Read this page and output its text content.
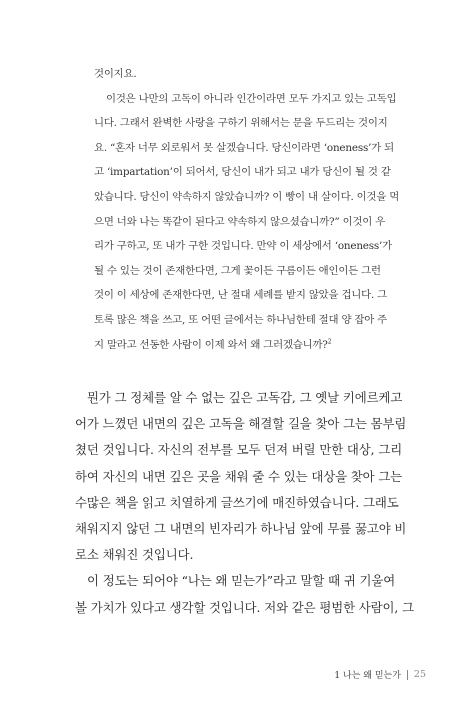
것이지요.
이것은 나만의 고독이 아니라 인간이라면 모두 가지고 있는 고독입
니다. 그래서 완벽한 사랑을 구하기 위해서는 문을 두드리는 것이지
요. “혼자 너무 외로워서 못 살겠습니다. 당신이라면 ‘oneness’가 되
고 ‘impartation’이 되어서, 당신이 내가 되고 내가 당신이 될 것 같
았습니다. 당신이 약속하지 않았습니까? 이 빵이 내 살이다. 이것을 먹
으면 너와 나는 똑같이 된다고 약속하지 않으셨습니까?” 이것이 우
리가 구하고, 또 내가 구한 것입니다. 만약 이 세상에서 ‘oneness’가
될 수 있는 것이 존재한다면, 그게 꽃이든 구름이든 애인이든 그런
것이 이 세상에 존재한다면, 난 절대 세례를 받지 않았을 겁니다. 그
토록 많은 책을 쓰고, 또 어떤 글에서는 하나님한테 절대 양 잡아 주
지 말라고 선동한 사람이 이제 와서 왜 그러겠습니까?$^2$
뭔가 그 정체를 알 수 없는 깊은 고독감, 그 옛날 키에르케고
어가 느꼈던 내면의 깊은 고독을 해결할 길을 찾아 그는 몸부림
쳤던 것입니다. 자신의 전부를 모두 던져 버릴 만한 대상, 그리
하여 자신의 내면 깊은 곳을 채워 줄 수 있는 대상을 찾아 그는
수많은 책을 읽고 치열하게 글쓰기에 매진하였습니다. 그래도
채워지지 않던 그 내면의 빈자리가 하나님 앞에 무릎 꿇고야 비
로소 채워진 것입니다.
이 정도는 되어야 “나는 왜 믿는가”라고 말할 때 귀 기울여
볼 가치가 있다고 생각할 것입니다. 저와 같은 평범한 사람이, 그
1 나는 왜 믿는가 25
